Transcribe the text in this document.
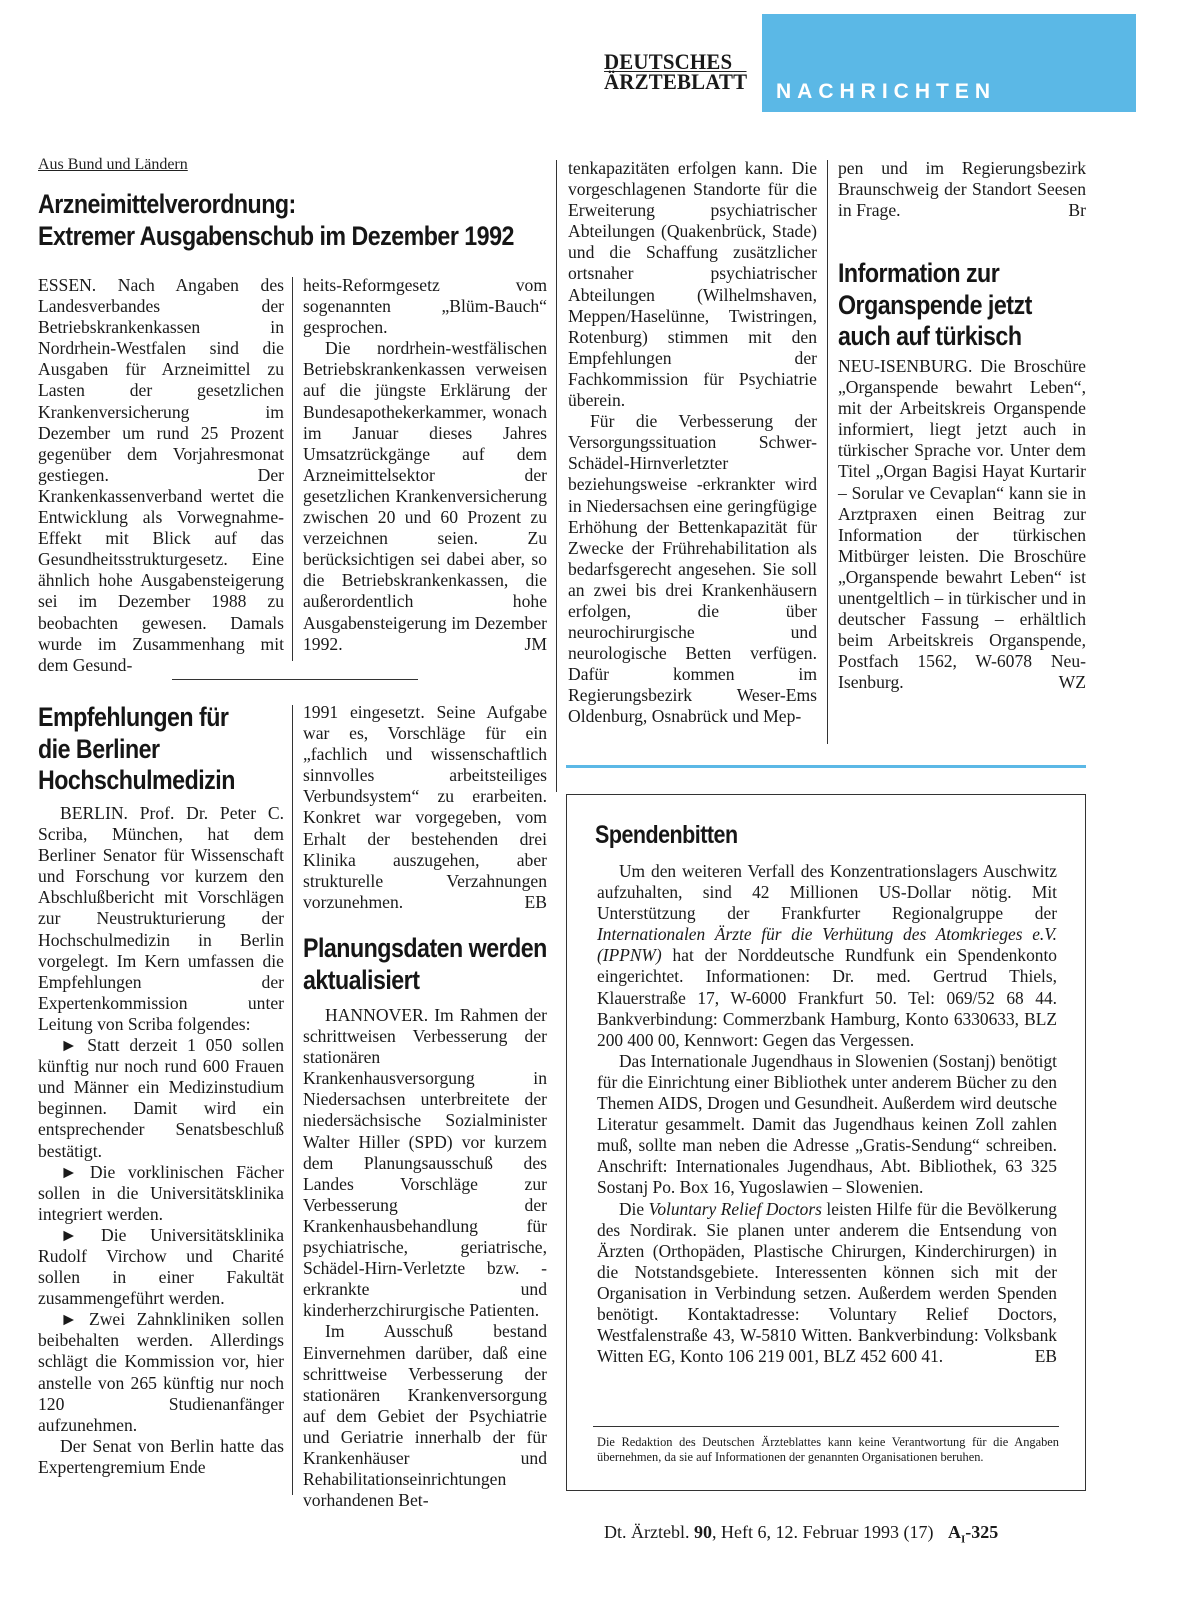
DEUTSCHES
ÄRZTEBLATT	NACHRICHTEN
Aus Bund und Ländern
Arzneimittelverordnung:
Extremer Ausgabenschub im Dezember 1992

ESSEN. Nach Angaben des Landesverbandes der Betriebskrankenkassen in Nordrhein-Westfalen sind die Ausgaben für Arzneimittel zu Lasten der gesetzlichen Krankenversicherung im Dezember um rund 25 Prozent gegenüber dem Vorjahresmonat gestiegen. Der Krankenkassenverband wertet die Entwicklung als Vorwegnahme-Effekt mit Blick auf das Gesundheitsstrukturgesetz. Eine ähnlich hohe Ausgabensteigerung sei im Dezember 1988 zu beobachten gewesen. Damals wurde im Zusammenhang mit dem Gesund-

heits-Reformgesetz vom sogenannten „Blüm-Bauch“ gesprochen.

Die nordrhein-westfälischen Betriebskrankenkassen verweisen auf die jüngste Erklärung der Bundesapothekerkammer, wonach im Januar dieses Jahres Umsatzrückgänge auf dem Arzneimittelsektor der gesetzlichen Krankenversicherung zwischen 20 und 60 Prozent zu verzeichnen seien. Zu berücksichtigen sei dabei aber, so die Betriebskrankenkassen, die außerordentlich hohe Ausgabensteigerung im Dezember 1992.	JM

Empfehlungen für
die Berliner
Hochschulmedizin

BERLIN. Prof. Dr. Peter C. Scriba, München, hat dem Berliner Senator für Wissenschaft und Forschung vor kurzem den Abschlußbericht mit Vorschlägen zur Neustrukturierung der Hochschulmedizin in Berlin vorgelegt. Im Kern umfassen die Empfehlungen der Expertenkommission unter Leitung von Scriba folgendes:

► Statt derzeit 1 050 sollen künftig nur noch rund 600 Frauen und Männer ein Medizinstudium beginnen. Damit wird ein entsprechender Senatsbeschluß bestätigt.

► Die vorklinischen Fächer sollen in die Universitätsklinika integriert werden.

► Die Universitätsklinika Rudolf Virchow und Charité sollen in einer Fakultät zusammengeführt werden.

► Zwei Zahnkliniken sollen beibehalten werden. Allerdings schlägt die Kommission vor, hier anstelle von 265 künftig nur noch 120 Studienanfänger aufzunehmen.

Der Senat von Berlin hatte das Expertengremium Ende

1991 eingesetzt. Seine Aufgabe war es, Vorschläge für ein „fachlich und wissenschaftlich sinnvolles arbeitsteiliges Verbundsystem“ zu erarbeiten. Konkret war vorgegeben, vom Erhalt der bestehenden drei Klinika auszugehen, aber strukturelle Verzahnungen vorzunehmen.	EB

Planungsdaten werden
aktualisiert

HANNOVER. Im Rahmen der schrittweisen Verbesserung der stationären Krankenhausversorgung in Niedersachsen unterbreitete der niedersächsische Sozialminister Walter Hiller (SPD) vor kurzem dem Planungsausschuß des Landes Vorschläge zur Verbesserung der Krankenhausbehandlung für psychiatrische, geriatrische, Schädel-Hirn-Verletzte bzw. -erkrankte und kinderherzchirurgische Patienten.

Im Ausschuß bestand Einvernehmen darüber, daß eine schrittweise Verbesserung der stationären Krankenversorgung auf dem Gebiet der Psychiatrie und Geriatrie innerhalb der für Krankenhäuser und Rehabilitationseinrichtungen vorhandenen Bet-

tenkapazitäten erfolgen kann. Die vorgeschlagenen Standorte für die Erweiterung psychiatrischer Abteilungen (Quakenbrück, Stade) und die Schaffung zusätzlicher ortsnaher psychiatrischer Abteilungen (Wilhelmshaven, Meppen/Haselünne, Twistringen, Rotenburg) stimmen mit den Empfehlungen der Fachkommission für Psychiatrie überein.

Für die Verbesserung der Versorgungssituation Schwer-Schädel-Hirnverletzter beziehungsweise -erkrankter wird in Niedersachsen eine geringfügige Erhöhung der Bettenkapazität für Zwecke der Frührehabilitation als bedarfsgerecht angesehen. Sie soll an zwei bis drei Krankenhäusern erfolgen, die über neurochirurgische und neurologische Betten verfügen. Dafür kommen im Regierungsbezirk Weser-Ems Oldenburg, Osnabrück und Mep-

pen und im Regierungsbezirk Braunschweig der Standort Seesen in Frage.	Br

Information zur
Organspende jetzt
auch auf türkisch

NEU-ISENBURG. Die Broschüre „Organspende bewahrt Leben“, mit der Arbeitskreis Organspende informiert, liegt jetzt auch in türkischer Sprache vor. Unter dem Titel „Organ Bagisi Hayat Kurtarir – Sorular ve Cevaplan“ kann sie in Arztpraxen einen Beitrag zur Information der türkischen Mitbürger leisten. Die Broschüre „Organspende bewahrt Leben“ ist unentgeltlich – in türkischer und in deutscher Fassung – erhältlich beim Arbeitskreis Organspende, Postfach 1562, W-6078 Neu-Isenburg.	WZ

Spendenbitten

Um den weiteren Verfall des Konzentrationslagers Auschwitz aufzuhalten, sind 42 Millionen US-Dollar nötig. Mit Unterstützung der Frankfurter Regionalgruppe der Internationalen Ärzte für die Verhütung des Atomkrieges e.V. (IPPNW) hat der Norddeutsche Rundfunk ein Spendenkonto eingerichtet. Informationen: Dr. med. Gertrud Thiels, Klauerstraße 17, W-6000 Frankfurt 50. Tel: 069/52 68 44. Bankverbindung: Commerzbank Hamburg, Konto 6330633, BLZ 200 400 00, Kennwort: Gegen das Vergessen.

Das Internationale Jugendhaus in Slowenien (Sostanj) benötigt für die Einrichtung einer Bibliothek unter anderem Bücher zu den Themen AIDS, Drogen und Gesundheit. Außerdem wird deutsche Literatur gesammelt. Damit das Jugendhaus keinen Zoll zahlen muß, sollte man neben die Adresse „Gratis-Sendung“ schreiben. Anschrift: Internationales Jugendhaus, Abt. Bibliothek, 63 325 Sostanj Po. Box 16, Yugoslawien – Slowenien.

Die Voluntary Relief Doctors leisten Hilfe für die Bevölkerung des Nordirak. Sie planen unter anderem die Entsendung von Ärzten (Orthopäden, Plastische Chirurgen, Kinderchirurgen) in die Notstandsgebiete. Interessenten können sich mit der Organisation in Verbindung setzen. Außerdem werden Spenden benötigt. Kontaktadresse: Voluntary Relief Doctors, Westfalenstraße 43, W-5810 Witten. Bankverbindung: Volksbank Witten EG, Konto 106 219 001, BLZ 452 600 41.	EB

Die Redaktion des Deutschen Ärzteblattes kann keine Verantwortung für die Angaben übernehmen, da sie auf Informationen der genannten Organisationen beruhen.
Dt. Ärztebl. 90, Heft 6, 12. Februar 1993 (17) $A_I-325$
